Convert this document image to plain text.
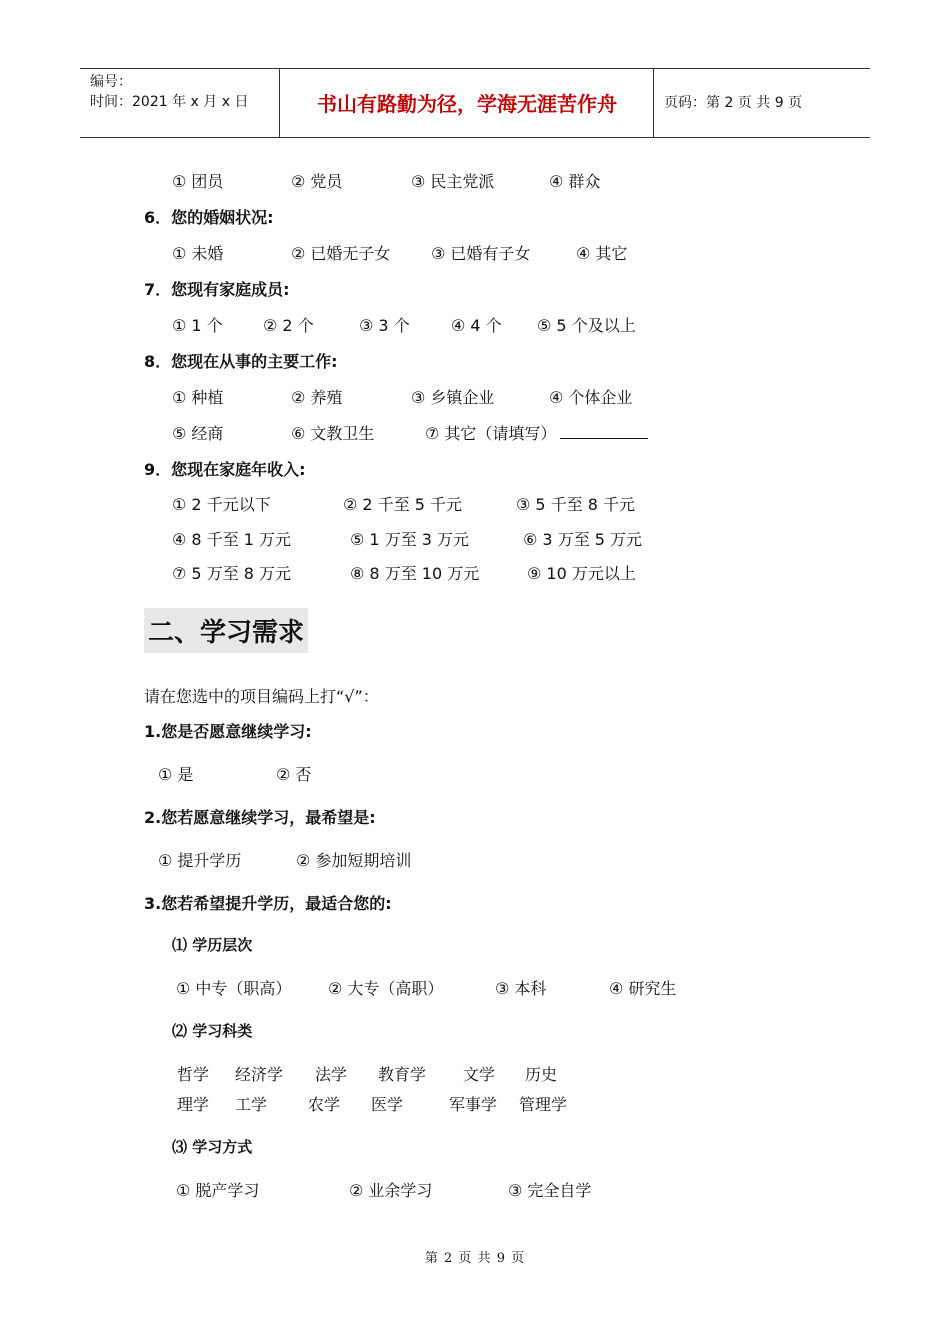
编号：
时间：2021 年 x 月 x 日	书山有路勤为径，学海无涯苦作舟	页码：第 2 页 共 9 页
① 团员	② 党员	③ 民主党派	④ 群众
6．您的婚姻状况:
① 未婚	② 已婚无子女	③ 已婚有子女	④ 其它
7．您现有家庭成员:
① 1 个	② 2 个	③ 3 个	④ 4 个 ⑤ 5 个及以上
8．您现在从事的主要工作:
① 种植	② 养殖	③ 乡镇企业	④ 个体企业
⑤ 经商	⑥ 文教卫生	⑦ 其它（请填写）
9．您现在家庭年收入:
① 2 千元以下	② 2 千至 5 千元	③ 5 千至 8 千元
④ 8 千至 1 万元	⑤ 1 万至 3 万元	⑥ 3 万至 5 万元
⑦ 5 万至 8 万元	⑧ 8 万至 10 万元	⑨ 10 万元以上
二、学习需求
请在您选中的项目编码上打“√”：
1.您是否愿意继续学习:
① 是	② 否
2.您若愿意继续学习，最希望是:
① 提升学历	② 参加短期培训
3.您若希望提升学历，最适合您的:
⑴ 学历层次
① 中专（职高） ② 大专（高职）	③ 本科	④ 研究生
⑵ 学习科类
哲学 经济学 法学 教育学 文学 历史
理学 工学	农学 医学	军事学 管理学
⑶ 学习方式
① 脱产学习	② 业余学习	③ 完全自学
第 2 页 共 9 页
